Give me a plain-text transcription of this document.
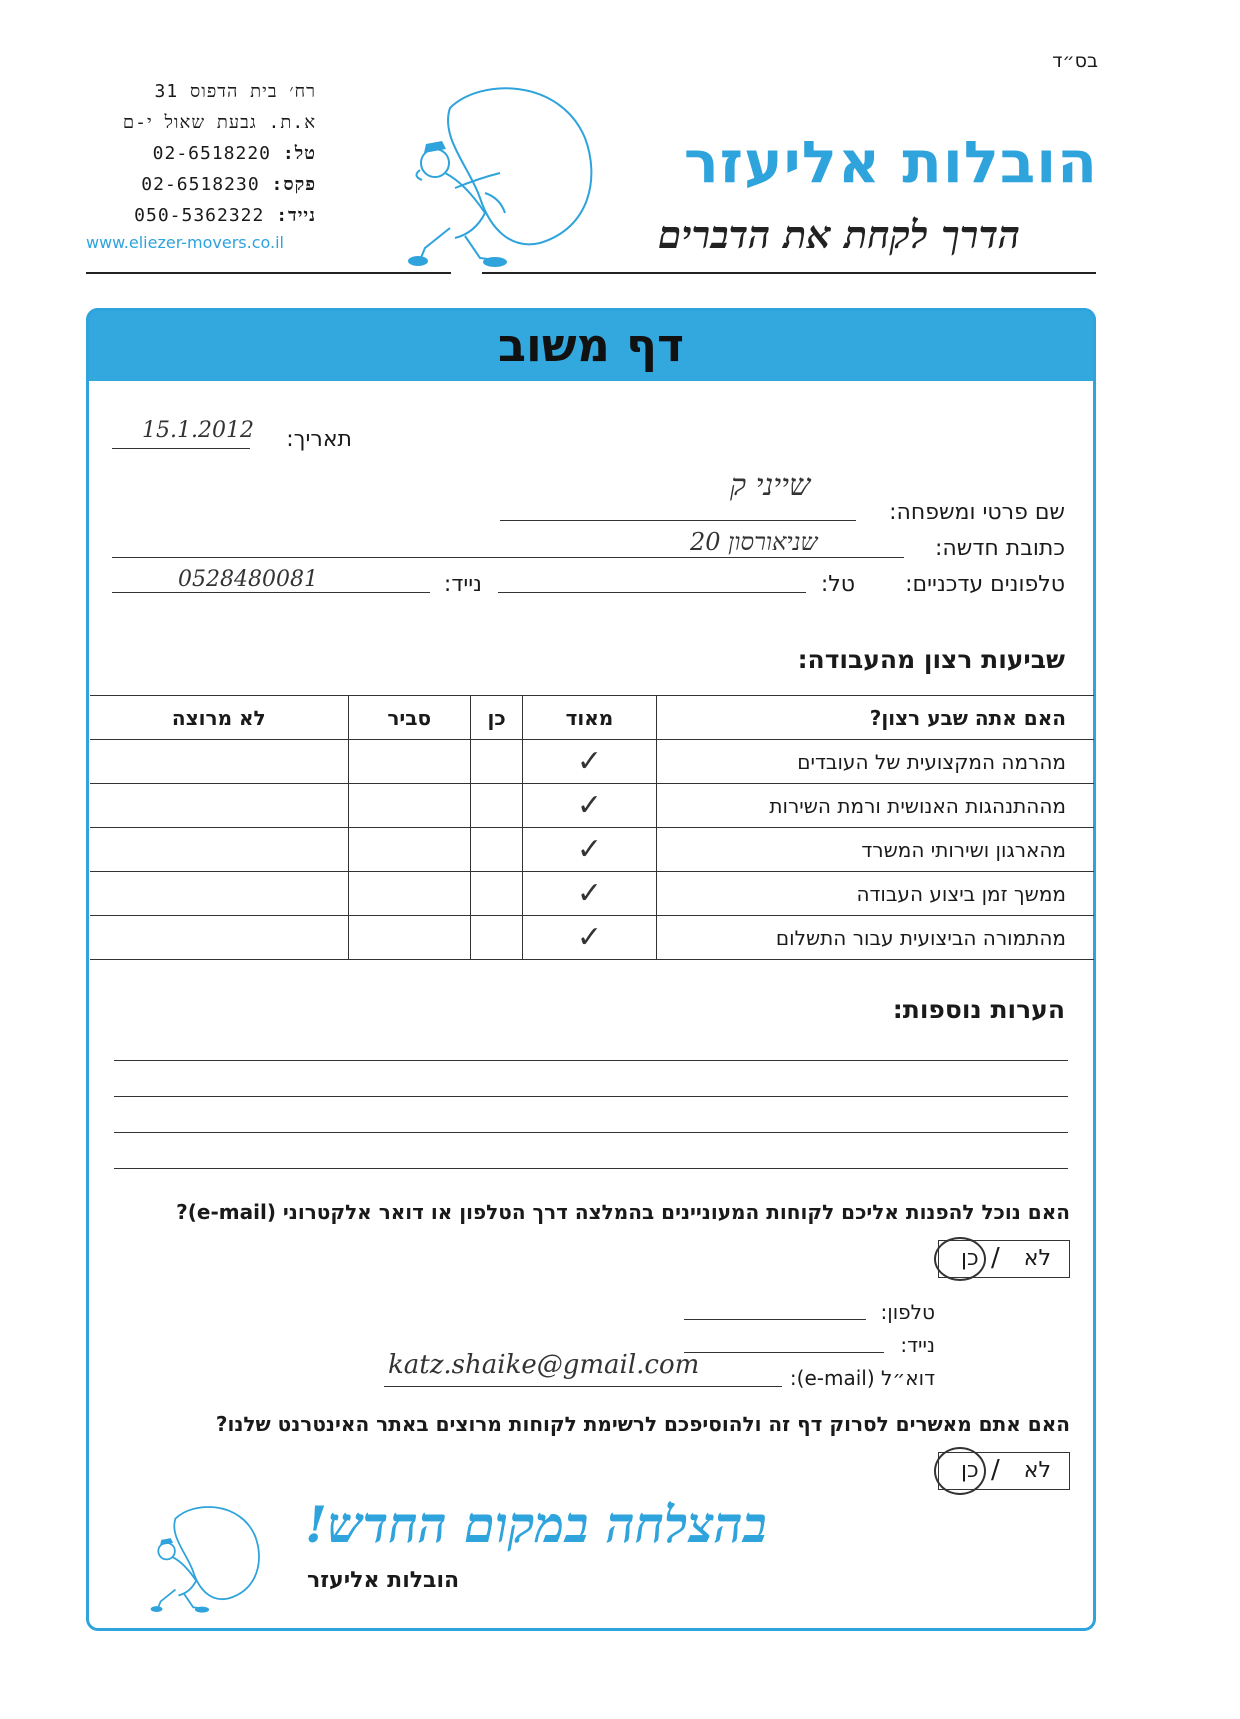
בס״ד
רח׳ בית הדפוס 31
א.ת. גבעת שאול י-ם
טל: 02-6518220
פקס: 02-6518230
נייד: 050-5362322
www.eliezer-movers.co.il
הובלות אליעזר
הדרך לקחת את הדברים
דף משוב
תאריך:
15.1.2012
שם פרטי ומשפחה:
שייני ק
כתובת חדשה:
שניאורסון 20
טלפונים עדכניים:
טל:
נייד:
0528480081
שביעות רצון מהעבודה:
האם אתה שבע רצון?	מאוד	כן	סביר	לא מרוצה
מהרמה המקצועית של העובדים	✓			
מההתנהגות האנושית ורמת השירות	✓			
מהארגון ושירותי המשרד	✓			
ממשך זמן ביצוע העבודה	✓			
מהתמורה הביצועית עבור התשלום	✓			
הערות נוספות:
האם נוכל להפנות אליכם לקוחות המעוניינים בהמלצה דרך הטלפון או דואר אלקטרוני (e-mail)?
לא
/
כן
טלפון:
נייד:
דוא״ל (e-mail):
katz.shaike@gmail.com
האם אתם מאשרים לסרוק דף זה ולהוסיפכם לרשימת לקוחות מרוצים באתר האינטרנט שלנו?
לא
/
כן
!בהצלחה במקום החדש
הובלות אליעזר
